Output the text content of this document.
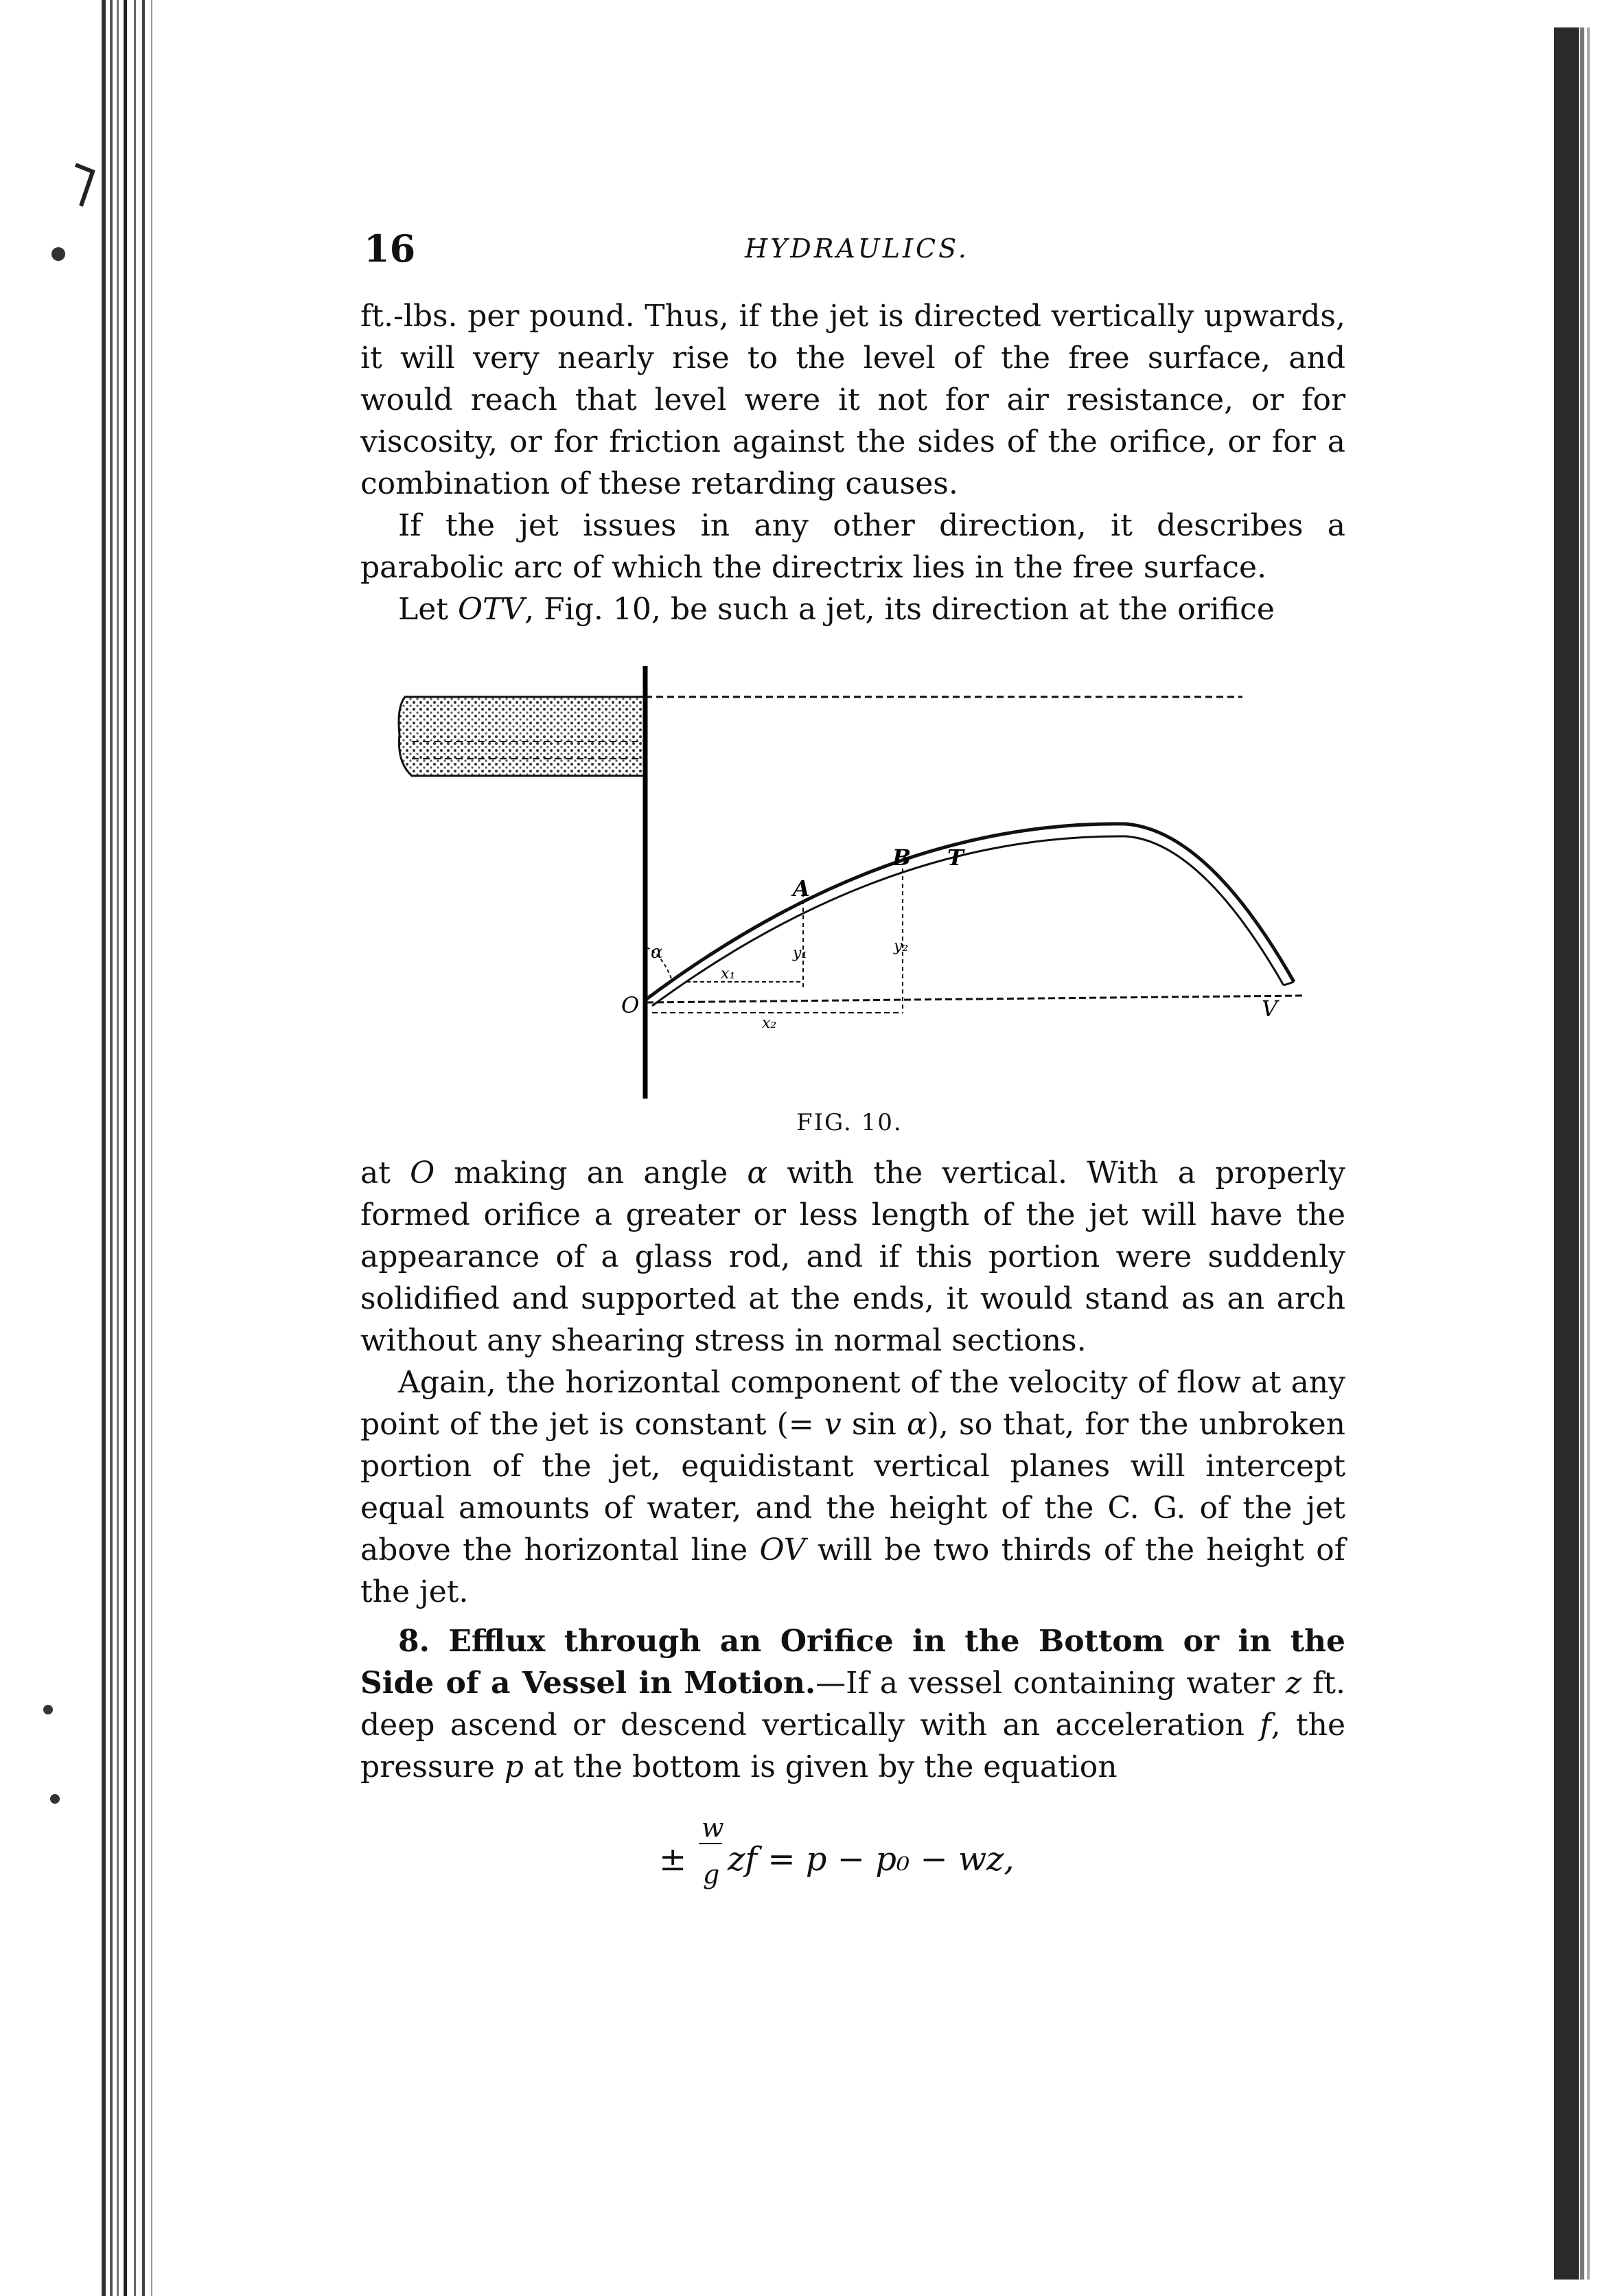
16	HYDRAULICS.

ft.-lbs. per pound. Thus, if the jet is directed vertically upwards, it will very nearly rise to the level of the free surface, and would reach that level were it not for air resistance, or for viscosity, or for friction against the sides of the orifice, or for a combination of these retarding causes.

If the jet issues in any other direction, it describes a parabolic arc of which the directrix lies in the free surface.

Let OTV, Fig. 10, be such a jet, its direction at the orifice

A
B T
O	V
α
x₁
x₂
y₁	y₂
FIG. 10.

at O making an angle α with the vertical. With a properly formed orifice a greater or less length of the jet will have the appearance of a glass rod, and if this portion were suddenly solidified and supported at the ends, it would stand as an arch without any shearing stress in normal sections.

Again, the horizontal component of the velocity of flow at any point of the jet is constant (= v sin α), so that, for the unbroken portion of the jet, equidistant vertical planes will intercept equal amounts of water, and the height of the C. G. of the jet above the horizontal line OV will be two thirds of the height of the jet.

8. Efflux through an Orifice in the Bottom or in the Side of a Vessel in Motion.—If a vessel containing water z ft. deep ascend or descend vertically with an acceleration f, the pressure p at the bottom is given by the equation

±
w
g zf = p − p₀ − wz,
